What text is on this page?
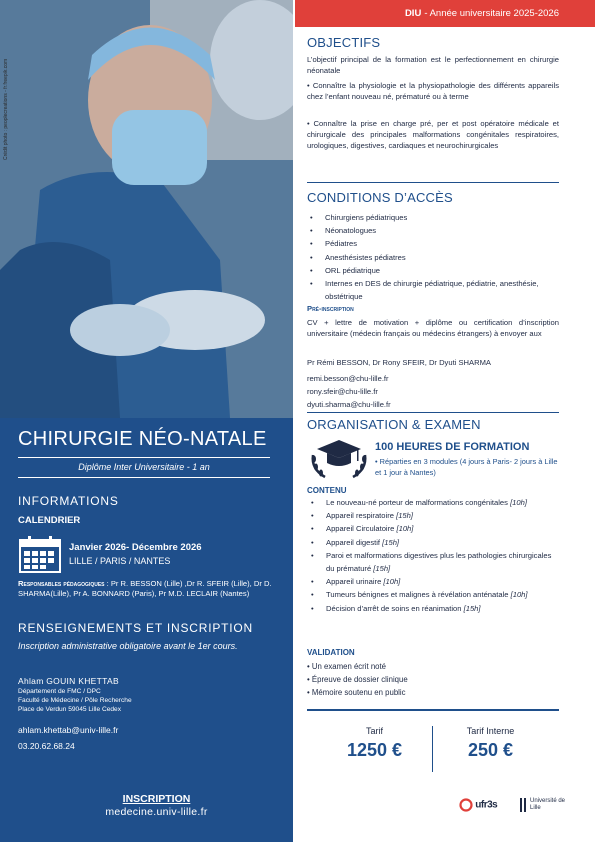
Crédit photo : peoplecreations - fr.freepik.com
CHIRURGIE NÉO-NATALE
Diplôme Inter Universitaire - 1 an
INFORMATIONS
CALENDRIER
Janvier 2026- Décembre 2026
LILLE / PARIS / NANTES
Responsables pédagogiques : Pr R. BESSON (Lille) ,Dr R. SFEIR (Lille), Dr D. SHARMA(Lille), Pr A. BONNARD (Paris), Pr M.D. LECLAIR (Nantes)
RENSEIGNEMENTS ET INSCRIPTION
Inscription administrative obligatoire avant le 1er cours.
Ahlam GOUIN KHETTAB
Département de FMC / DPC
Faculté de Médecine / Pôle Recherche
Place de Verdun 59045 Lille Cedex
ahlam.khettab@univ-lille.fr
03.20.62.68.24
INSCRIPTION
medecine.univ-lille.fr
DIU - Année universitaire 2025-2026
OBJECTIFS
L’objectif principal de la formation est le perfectionnement en chirurgie néonatale
• Connaître la physiologie et la physiopathologie des différents appareils chez l’enfant nouveau né, prématuré ou à terme
• Connaître la prise en charge pré, per et post opératoire médicale et chirurgicale des principales malformations congénitales respiratoires, urologiques, digestives, cardiaques et neurochirurgicales
CONDITIONS D’ACCÈS
• Chirurgiens pédiatriques
• Néonatologues
• Pédiatres
• Anesthésistes pédiatres
• ORL pédiatrique
• Internes en DES de chirurgie pédiatrique, pédiatrie, anesthésie, obstétrique
Pré-inscription
CV + lettre de motivation + diplôme ou certification d’inscription universitaire (médecin français ou médecins étrangers) à envoyer aux
Pr Rémi BESSON, Dr Rony SFEIR, Dr Dyuti SHARMA
remi.besson@chu-lille.fr
rony.sfeir@chu-lille.fr
dyuti.sharma@chu-lille.fr
ORGANISATION & EXAMEN
100 HEURES DE FORMATION
• Réparties en 3 modules (4 jours à Paris- 2 jours à Lille et 1 jour à Nantes)
CONTENU
• Le nouveau-né porteur de malformations congénitales [10h]
• Appareil respiratoire [15h]
• Appareil Circulatoire [10h]
• Appareil digestif [15h]
• Paroi et malformations digestives plus les pathologies chirurgicales du prématuré [15h]
• Appareil urinaire [10h]
• Tumeurs bénignes et malignes à révélation anténatale [10h]
• Décision d’arrêt de soins en réanimation [15h]
VALIDATION
• Un examen écrit noté
• Épreuve de dossier clinique
• Mémoire soutenu en public
Tarif
1250 €
Tarif Interne
250 €
ufr3s	Université de Lille
